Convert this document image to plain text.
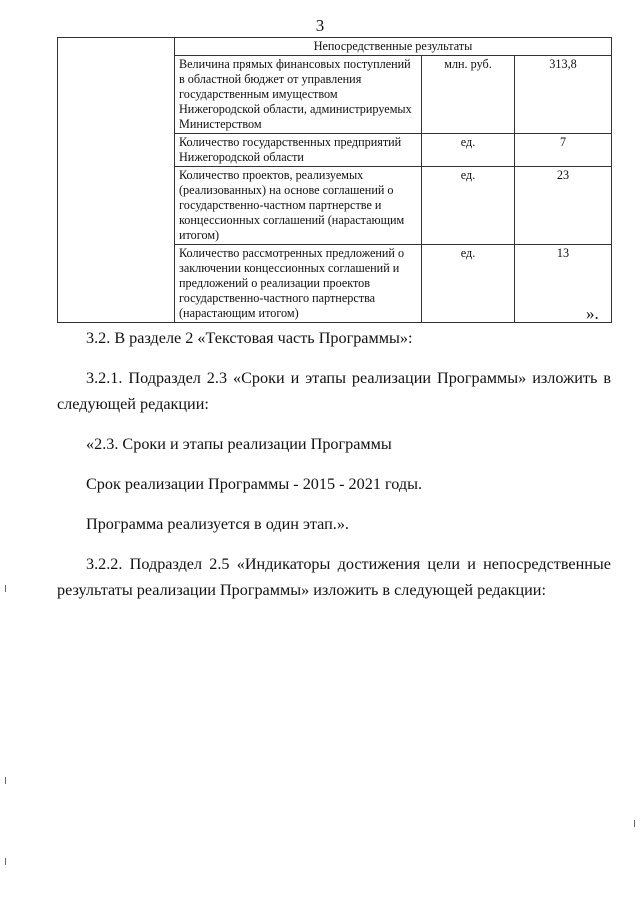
3
	Непосредственные результаты		
	Величина прямых финансовых поступлений в областной бюджет от управления государственным имуществом Нижегородской области, администрируемых Министерством	млн. руб.	313,8
	Количество государственных предприятий Нижегородской области	ед.	7
	Количество проектов, реализуемых (реализованных) на основе соглашений о государственно-частном партнерстве и концессионных соглашений (нарастающим итогом)	ед.	23
	Количество рассмотренных предложений о заключении концессионных соглашений и предложений о реализации проектов государственно-частного партнерства (нарастающим итогом)	ед.	13
».

3.2. В разделе 2 «Текстовая часть Программы»:

3.2.1. Подраздел 2.3 «Сроки и этапы реализации Программы» изложить в следующей редакции:

«2.3. Сроки и этапы реализации Программы

Срок реализации Программы - 2015 - 2021 годы.

Программа реализуется в один этап.».

3.2.2. Подраздел 2.5 «Индикаторы достижения цели и непосредственные результаты реализации Программы» изложить в следующей редакции:
